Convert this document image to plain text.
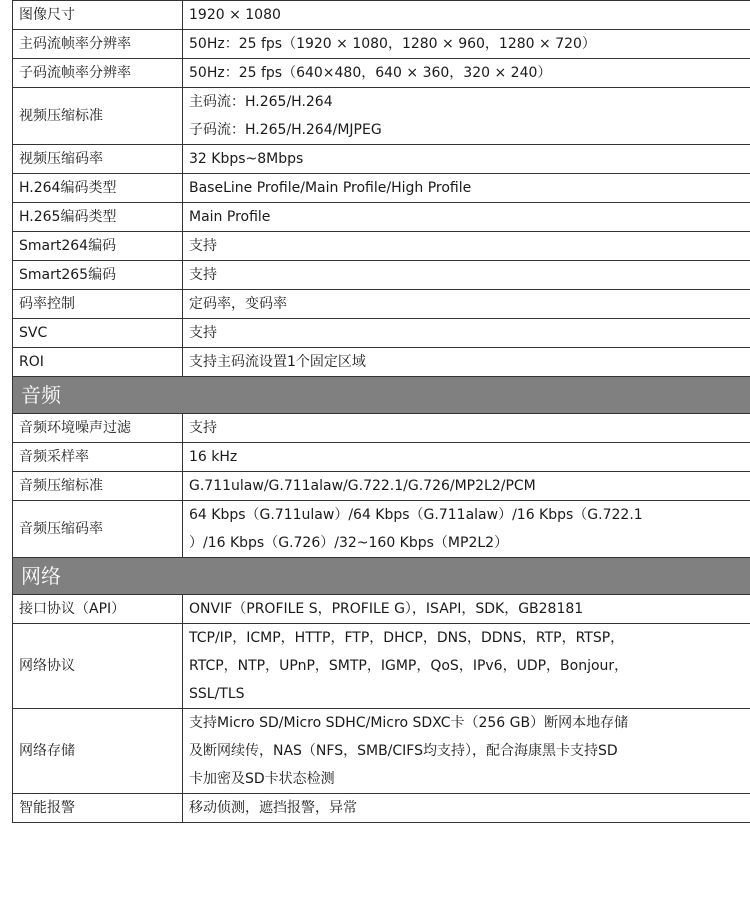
图像尺寸	1920 × 1080

主码流帧率分辨率	50Hz：25 fps（1920 × 1080，1280 × 960，1280 × 720）

子码流帧率分辨率	50Hz：25 fps（640×480，640 × 360，320 × 240）

视频压缩标准	主码流：H.265/H.264
子码流：H.265/H.264/MJPEG

视频压缩码率	32 Kbps~8Mbps

H.264编码类型	BaseLine Profile/Main Profile/High Profile

H.265编码类型	Main Profile

Smart264编码	支持

Smart265编码	支持

码率控制	定码率，变码率

SVC	支持

ROI	支持主码流设置1个固定区域

音频	
音频环境噪声过滤	支持

音频采样率	16 kHz

音频压缩标准	G.711ulaw/G.711alaw/G.722.1/G.726/MP2L2/PCM

音频压缩码率	64 Kbps（G.711ulaw）/64 Kbps（G.711alaw）/16 Kbps（G.722.1
）/16 Kbps（G.726）/32~160 Kbps（MP2L2）

网络	
接口协议（API）	ONVIF（PROFILE S，PROFILE G），ISAPI，SDK，GB28181

网络协议	TCP/IP，ICMP，HTTP，FTP，DHCP，DNS，DDNS，RTP，RTSP，
RTCP，NTP，UPnP，SMTP，IGMP，QoS，IPv6，UDP，Bonjour，
SSL/TLS

网络存储	支持Micro SD/Micro SDHC/Micro SDXC卡（256 GB）断网本地存储
及断网续传，NAS（NFS，SMB/CIFS均支持），配合海康黑卡支持SD
卡加密及SD卡状态检测

智能报警	移动侦测，遮挡报警，异常
